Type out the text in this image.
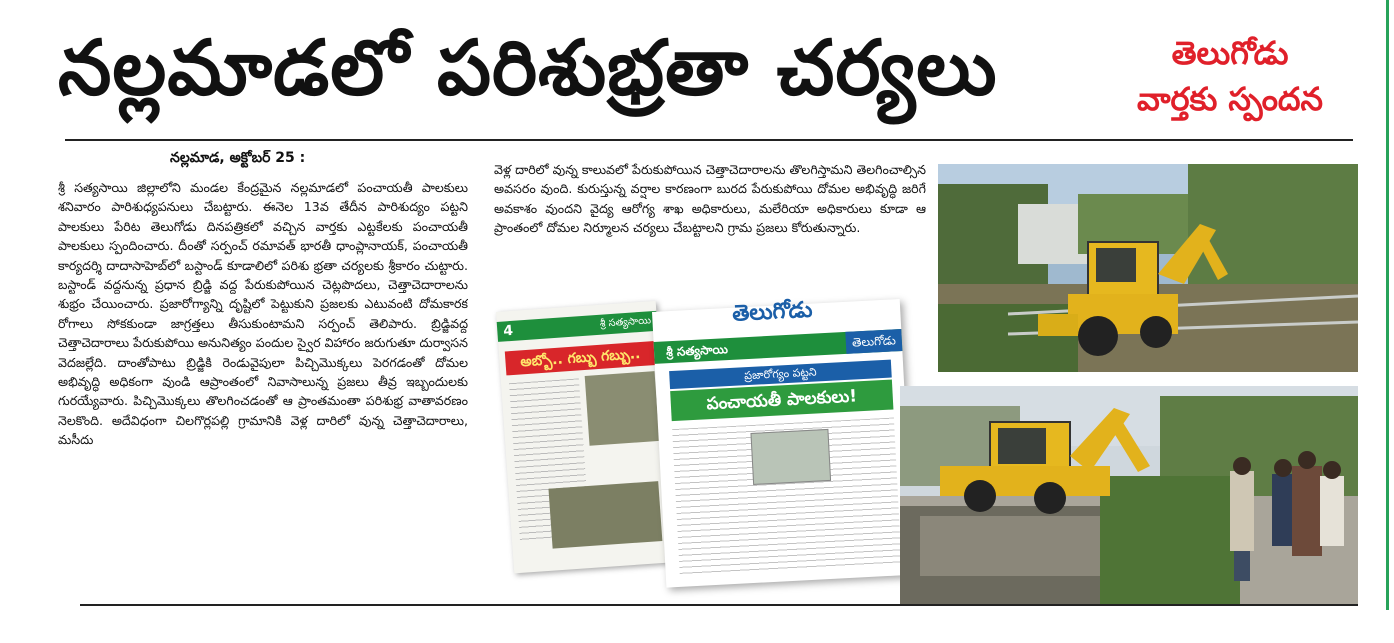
నల్లమాడలో పరిశుభ్రతా చర్యలు	తెలుగోడు
వార్తకు స్పందన
నల్లమాడ, అక్టోబర్‌ 25 :
శ్రీ సత్యసాయి జిల్లాలోని మండల కేంద్రమైన నల్లమాడలో పంచాయతీ పాలకులు శనివారం పారిశుధ్యపనులు చేబట్టారు. ఈనెల 13వ తేదీన పారిశుద్యం పట్టని పాలకులు పేరిట తెలుగోడు దినపత్రికలో వచ్చిన వార్తకు ఎట్టకేలకు పంచాయతీ పాలకులు స్పందించారు. దీంతో సర్పంచ్‌ రమావత్‌ భారతీ ధాంప్లానాయక్‌, పంచాయతీ కార్యదర్శి దాదాసాహెబ్‌లో బస్టాండ్‌ కూడాలిలో పరిశు భ్రతా చర్యలకు శ్రీకారం చుట్టారు. బస్టాండ్‌ వద్దనున్న ప్రధాన బ్రిడ్జి వద్ద పేరుకుపోయిన చెట్లపొదలు, చెత్తాచెదారాలను శుభ్రం చేయించారు. ప్రజారోగ్యాన్ని దృష్టిలో పెట్టుకుని ప్రజలకు ఎటువంటి దోమకారక రోగాలు సోకకుండా జాగ్రత్తలు తీసుకుంటామని సర్పంచ్‌ తెలిపారు. బ్రిడ్జివద్ద చెత్తాచెదారాలు పేరుకుపోయి అనునిత్యం పందుల స్వైర విహారం జరుగుతూ దుర్వాసన వెదజల్లేది. దాంతోపాటు బ్రిడ్జికి రెండువైపులా పిచ్చిమొక్కలు పెరగడంతో దోమల అభివృద్ధి అధికంగా వుండి ఆప్రాంతంలో నివాసాలున్న ప్రజలు తీవ్ర ఇబ్బందులకు గురయ్యేవారు. పిచ్చిమొక్కలు తొలగించడంతో ఆ ప్రాంతమంతా పరిశుభ్ర వాతావరణం నెలకొంది. అదేవిధంగా చిలగొర్లపల్లి గ్రామానికి వెళ్ల దారిలో వున్న చెత్తాచెదారాలు, మసీదు
వెళ్ల దారిలో వున్న కాలువలో పేరుకుపోయిన చెత్తాచెదారాలను తొలగిస్తామని తెలగించాల్సిన అవసరం వుంది. కురుస్తున్న వర్షాల కారణంగా బురద పేరుకుపోయి దోమల అభివృద్ధి జరిగే అవకాశం వుందని వైద్య ఆరోగ్య శాఖ అధికారులు, మలేరియా అధికారులు కూడా ఆ ప్రాంతంలో దోమల నిర్మూలన చర్యలు చేబట్టాలని గ్రామ ప్రజలు కోరుతున్నారు.
శ్రీ సత్యసాయి
4
అబ్బో.. గబ్బు గబ్బు..
తెలుగోడు
శ్రీ సత్యసాయి
తెలుగోడు
ప్రజారోగ్యం పట్టని
పంచాయతీ పాలకులు!
